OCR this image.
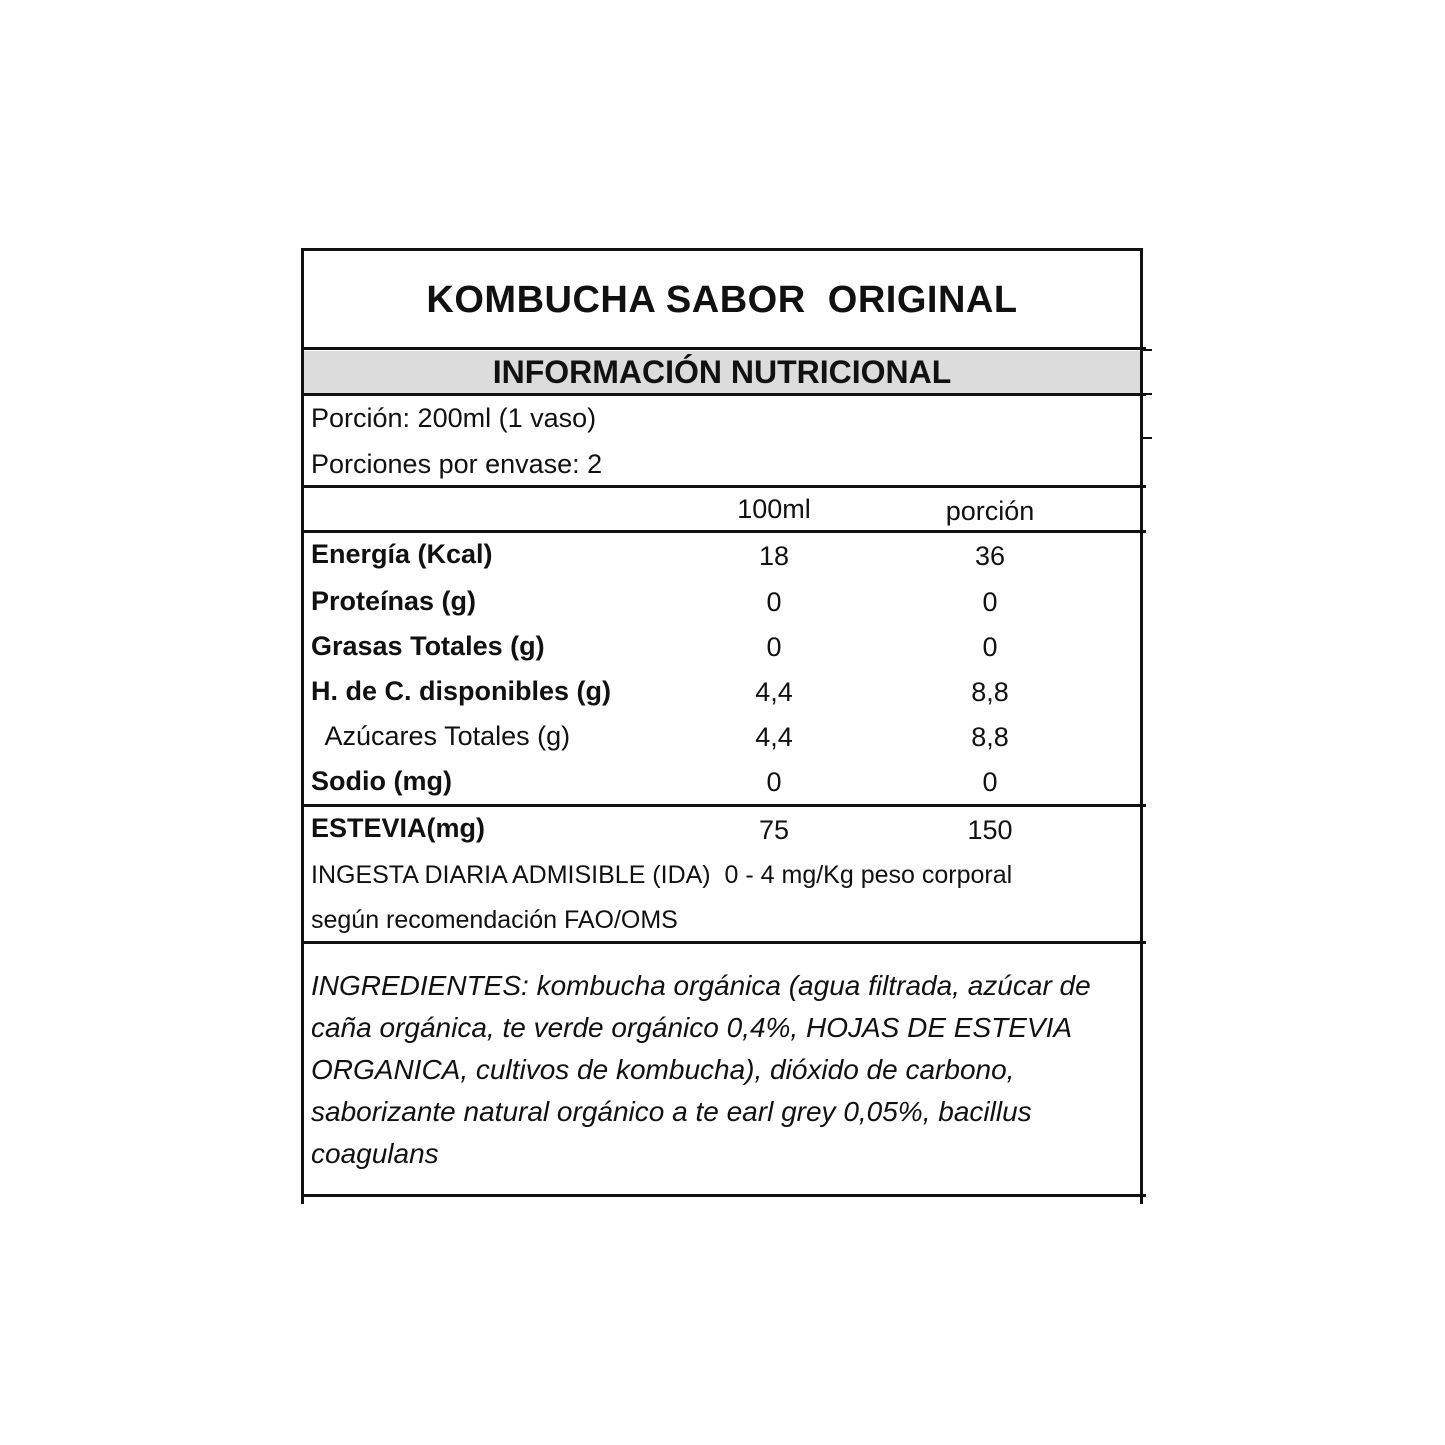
KOMBUCHA SABOR  ORIGINAL
INFORMACIÓN NUTRICIONAL
Porción: 200ml (1 vaso)
Porciones por envase: 2
100ml	porción
Energía (Kcal)	18	36
Proteínas (g)	0	0
Grasas Totales (g)	0	0
H. de C. disponibles (g)	4,4	8,8
Azúcares Totales (g)	4,4	8,8
Sodio (mg)	0	0
ESTEVIA(mg)	75	150
INGESTA DIARIA ADMISIBLE (IDA)  0 - 4 mg/Kg peso corporal
según recomendación FAO/OMS
INGREDIENTES: kombucha orgánica (agua filtrada, azúcar de caña orgánica, te verde orgánico 0,4%, HOJAS DE ESTEVIA ORGANICA, cultivos de kombucha), dióxido de carbono, saborizante natural orgánico a te earl grey 0,05%, bacillus coagulans
